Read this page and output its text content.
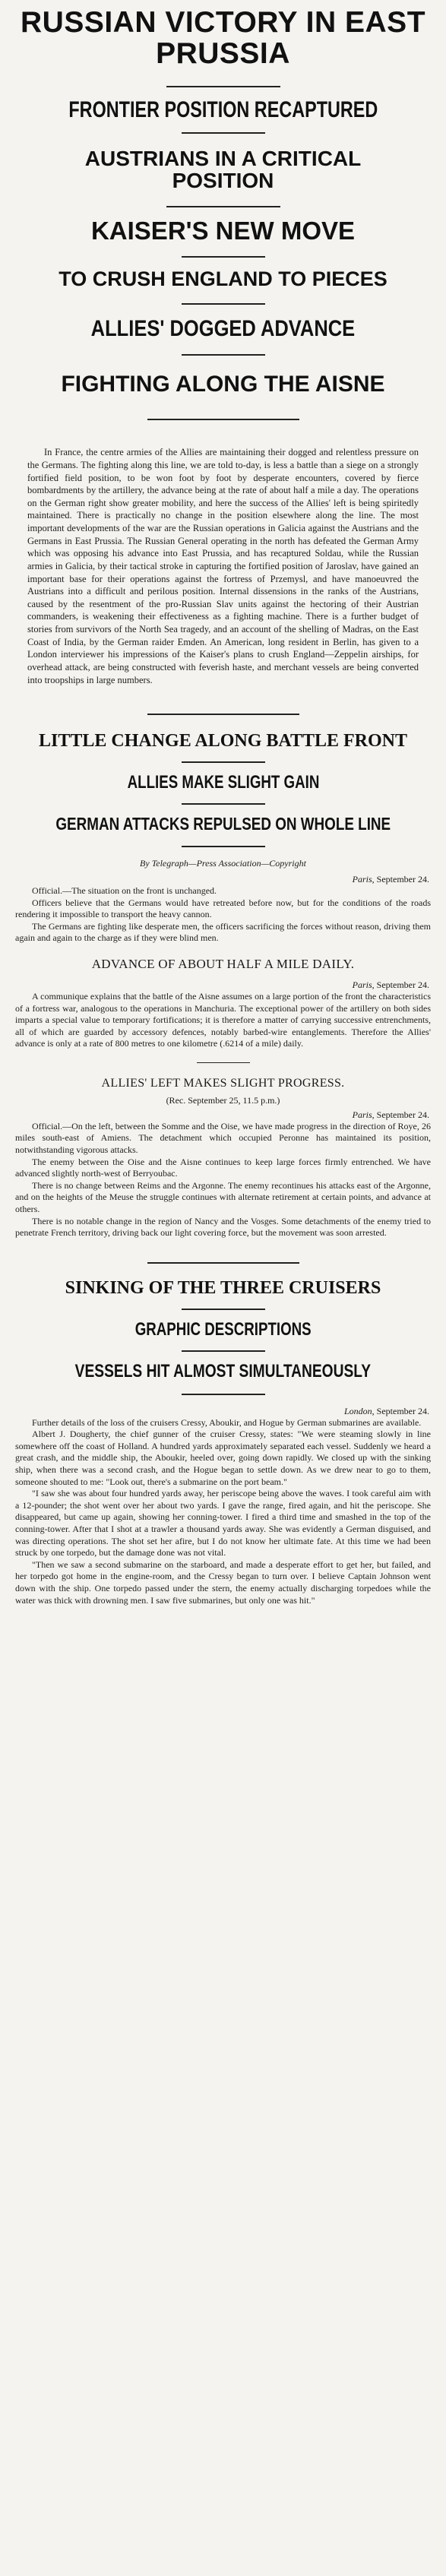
RUSSIAN VICTORY IN EAST PRUSSIA
FRONTIER POSITION RECAPTURED
AUSTRIANS IN A CRITICAL POSITION
KAISER'S NEW MOVE
TO CRUSH ENGLAND TO PIECES
ALLIES' DOGGED ADVANCE
FIGHTING ALONG THE AISNE

In France, the centre armies of the Allies are maintaining their dogged and relentless pressure on the Germans. The fighting along this line, we are told to-day, is less a battle than a siege on a strongly fortified field position, to be won foot by foot by desperate encounters, covered by fierce bombardments by the artillery, the advance being at the rate of about half a mile a day. The operations on the German right show greater mobility, and here the success of the Allies' left is being spiritedly maintained. There is practically no change in the position elsewhere along the line. The most important developments of the war are the Russian operations in Galicia against the Austrians and the Germans in East Prussia. The Russian General operating in the north has defeated the German Army which was opposing his advance into East Prussia, and has recaptured Soldau, while the Russian armies in Galicia, by their tactical stroke in capturing the fortified position of Jaroslav, have gained an important base for their operations against the fortress of Przemysl, and have manoeuvred the Austrians into a difficult and perilous position. Internal dissensions in the ranks of the Austrians, caused by the resentment of the pro-Russian Slav units against the hectoring of their Austrian commanders, is weakening their effectiveness as a fighting machine. There is a further budget of stories from survivors of the North Sea tragedy, and an account of the shelling of Madras, on the East Coast of India, by the German raider Emden. An American, long resident in Berlin, has given to a London interviewer his impressions of the Kaiser's plans to crush England—Zeppelin airships, for overhead attack, are being constructed with feverish haste, and merchant vessels are being converted into troopships in large numbers.

LITTLE CHANGE ALONG BATTLE FRONT
ALLIES MAKE SLIGHT GAIN
GERMAN ATTACKS REPULSED ON WHOLE LINE
By Telegraph—Press Association—Copyright
Paris, September 24.

Official.—The situation on the front is unchanged.

Officers believe that the Germans would have retreated before now, but for the conditions of the roads rendering it impossible to transport the heavy cannon.

The Germans are fighting like desperate men, the officers sacrificing the forces without reason, driving them again and again to the charge as if they were blind men.

ADVANCE OF ABOUT HALF A MILE DAILY.
Paris, September 24.

A communique explains that the battle of the Aisne assumes on a large portion of the front the characteristics of a fortress war, analogous to the operations in Manchuria. The exceptional power of the artillery on both sides imparts a special value to temporary fortifications; it is therefore a matter of carrying successive entrenchments, all of which are guarded by accessory defences, notably barbed-wire entanglements. Therefore the Allies' advance is only at a rate of 800 metres to one kilometre (.6214 of a mile) daily.

ALLIES' LEFT MAKES SLIGHT PROGRESS.
(Rec. September 25, 11.5 p.m.)
Paris, September 24.

Official.—On the left, between the Somme and the Oise, we have made progress in the direction of Roye, 26 miles south-east of Amiens. The detachment which occupied Peronne has maintained its position, notwithstanding vigorous attacks.

The enemy between the Oise and the Aisne continues to keep large forces firmly entrenched. We have advanced slightly north-west of Berryoubac.

There is no change between Reims and the Argonne. The enemy recontinues his attacks east of the Argonne, and on the heights of the Meuse the struggle continues with alternate retirement at certain points, and advance at others.

There is no notable change in the region of Nancy and the Vosges. Some detachments of the enemy tried to penetrate French territory, driving back our light covering force, but the movement was soon arrested.

SINKING OF THE THREE CRUISERS
GRAPHIC DESCRIPTIONS
VESSELS HIT ALMOST SIMULTANEOUSLY
London, September 24.

Further details of the loss of the cruisers Cressy, Aboukir, and Hogue by German submarines are available.

Albert J. Dougherty, the chief gunner of the cruiser Cressy, states: "We were steaming slowly in line somewhere off the coast of Holland. A hundred yards approximately separated each vessel. Suddenly we heard a great crash, and the middle ship, the Aboukir, heeled over, going down rapidly. We closed up with the sinking ship, when there was a second crash, and the Hogue began to settle down. As we drew near to go to them, someone shouted to me: "Look out, there's a submarine on the port beam."

"I saw she was about four hundred yards away, her periscope being above the waves. I took careful aim with a 12-pounder; the shot went over her about two yards. I gave the range, fired again, and hit the periscope. She disappeared, but came up again, showing her conning-tower. I fired a third time and smashed in the top of the conning-tower. After that I shot at a trawler a thousand yards away. She was evidently a German disguised, and was directing operations. The shot set her afire, but I do not know her ultimate fate. At this time we had been struck by one torpedo, but the damage done was not vital.

"Then we saw a second submarine on the starboard, and made a desperate effort to get her, but failed, and her torpedo got home in the engine-room, and the Cressy began to turn over. I believe Captain Johnson went down with the ship. One torpedo passed under the stern, the enemy actually discharging torpedoes while the water was thick with drowning men. I saw five submarines, but only one was hit."
